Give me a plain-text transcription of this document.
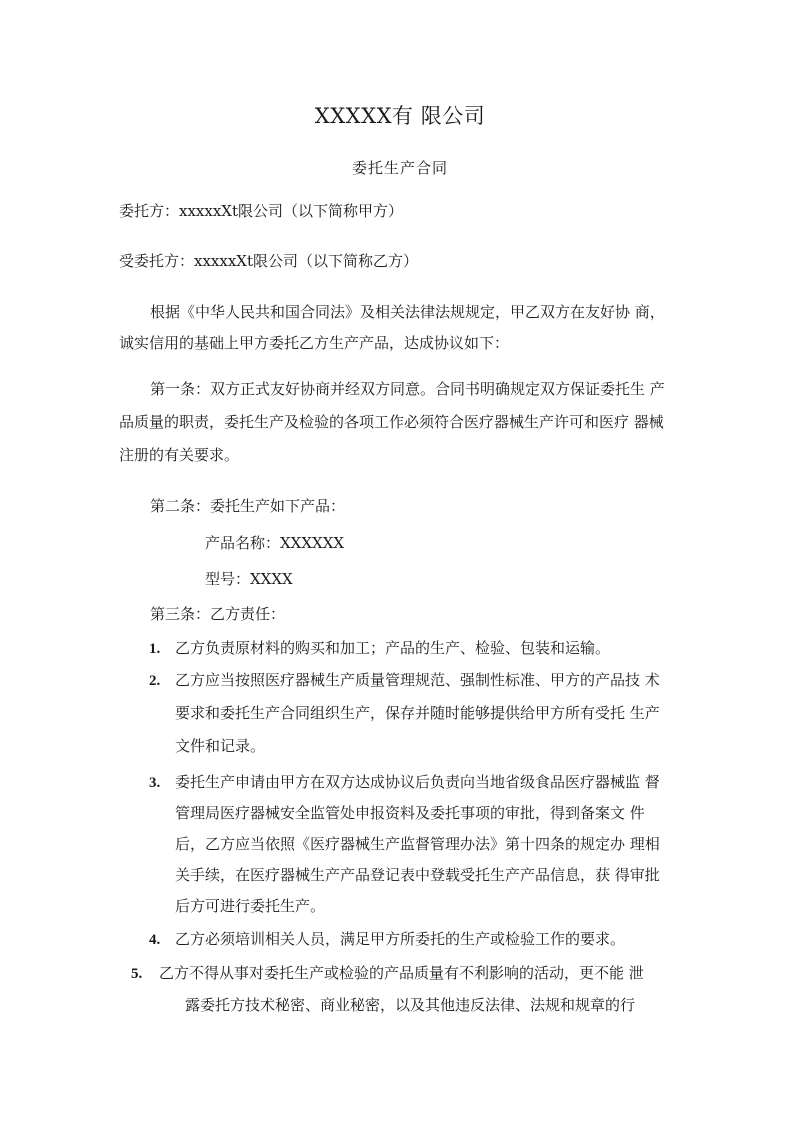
XXXXX有 限公司
委托生产合同
委托方：xxxxxXt限公司（以下简称甲方）
受委托方：xxxxxXt限公司（以下简称乙方）
根据《中华人民共和国合同法》及相关法律法规规定，甲乙双方在友好协 商，
诚实信用的基础上甲方委托乙方生产产品，达成协议如下：
第一条：双方正式友好协商并经双方同意。合同书明确规定双方保证委托生 产
品质量的职责，委托生产及检验的各项工作必须符合医疗器械生产许可和医疗 器械
注册的有关要求。
第二条：委托生产如下产品：
产品名称：XXXXXX
型号：XXXX
第三条：乙方责任：
1. 乙方负责原材料的购买和加工；产品的生产、检验、包装和运输。
2. 乙方应当按照医疗器械生产质量管理规范、强制性标准、甲方的产品技 术
要求和委托生产合同组织生产，保存并随时能够提供给甲方所有受托 生产
文件和记录。
3. 委托生产申请由甲方在双方达成协议后负责向当地省级食品医疗器械监 督
管理局医疗器械安全监管处申报资料及委托事项的审批，得到备案文 件
后，乙方应当依照《医疗器械生产监督管理办法》第十四条的规定办 理相
关手续，在医疗器械生产产品登记表中登载受托生产产品信息，获 得审批
后方可进行委托生产。
4. 乙方必须培训相关人员，满足甲方所委托的生产或检验工作的要求。
5. 乙方不得从事对委托生产或检验的产品质量有不利影响的活动，更不能 泄
露委托方技术秘密、商业秘密，以及其他违反法律、法规和规章的行
